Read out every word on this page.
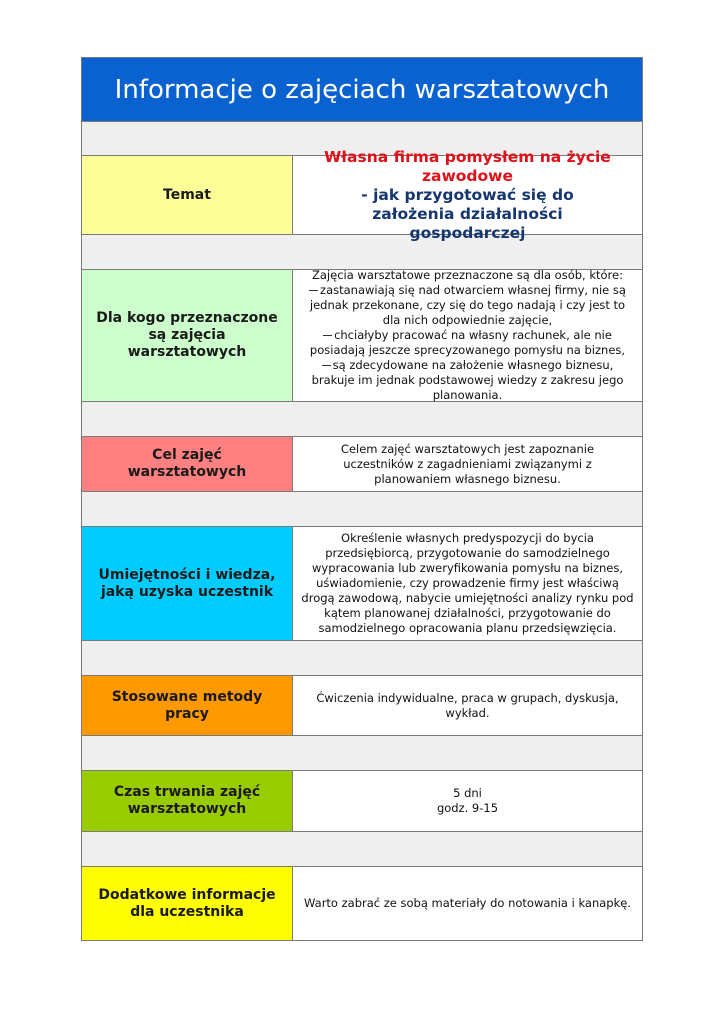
Informacje o zajęciach warsztatowych
Temat

Własna firma pomysłem na życie zawodowe

- jak przygotować się do założenia działalności gospodarczej

Dla kogo przeznaczone są zajęcia warsztatowych

Zajęcia warsztatowe przeznaczone są dla osób, które:

zastanawiają się nad otwarciem własnej firmy, nie są jednak przekonane, czy się do tego nadają i czy jest to dla nich odpowiednie zajęcie,

chciałyby pracować na własny rachunek, ale nie posiadają jeszcze sprecyzowanego pomysłu na biznes,

są zdecydowane na założenie własnego biznesu, brakuje im jednak podstawowej wiedzy z zakresu jego planowania.

Cel zajęć warsztatowych
Celem zajęć warsztatowych jest zapoznanie uczestników z zagadnieniami związanymi z planowaniem własnego biznesu.
Umiejętności i wiedza, jaką uzyska uczestnik
Określenie własnych predyspozycji do bycia przedsiębiorcą, przygotowanie do samodzielnego wypracowania lub zweryfikowania pomysłu na biznes, uświadomienie, czy prowadzenie firmy jest właściwą drogą zawodową, nabycie umiejętności analizy rynku pod kątem planowanej działalności, przygotowanie do samodzielnego opracowania planu przedsięwzięcia.
Stosowane metody pracy
Ćwiczenia indywidualne, praca w grupach, dyskusja, wykład.
Czas trwania zajęć warsztatowych

5 dni

godz. 9-15

Dodatkowe informacje dla uczestnika
Warto zabrać ze sobą materiały do notowania i kanapkę.
